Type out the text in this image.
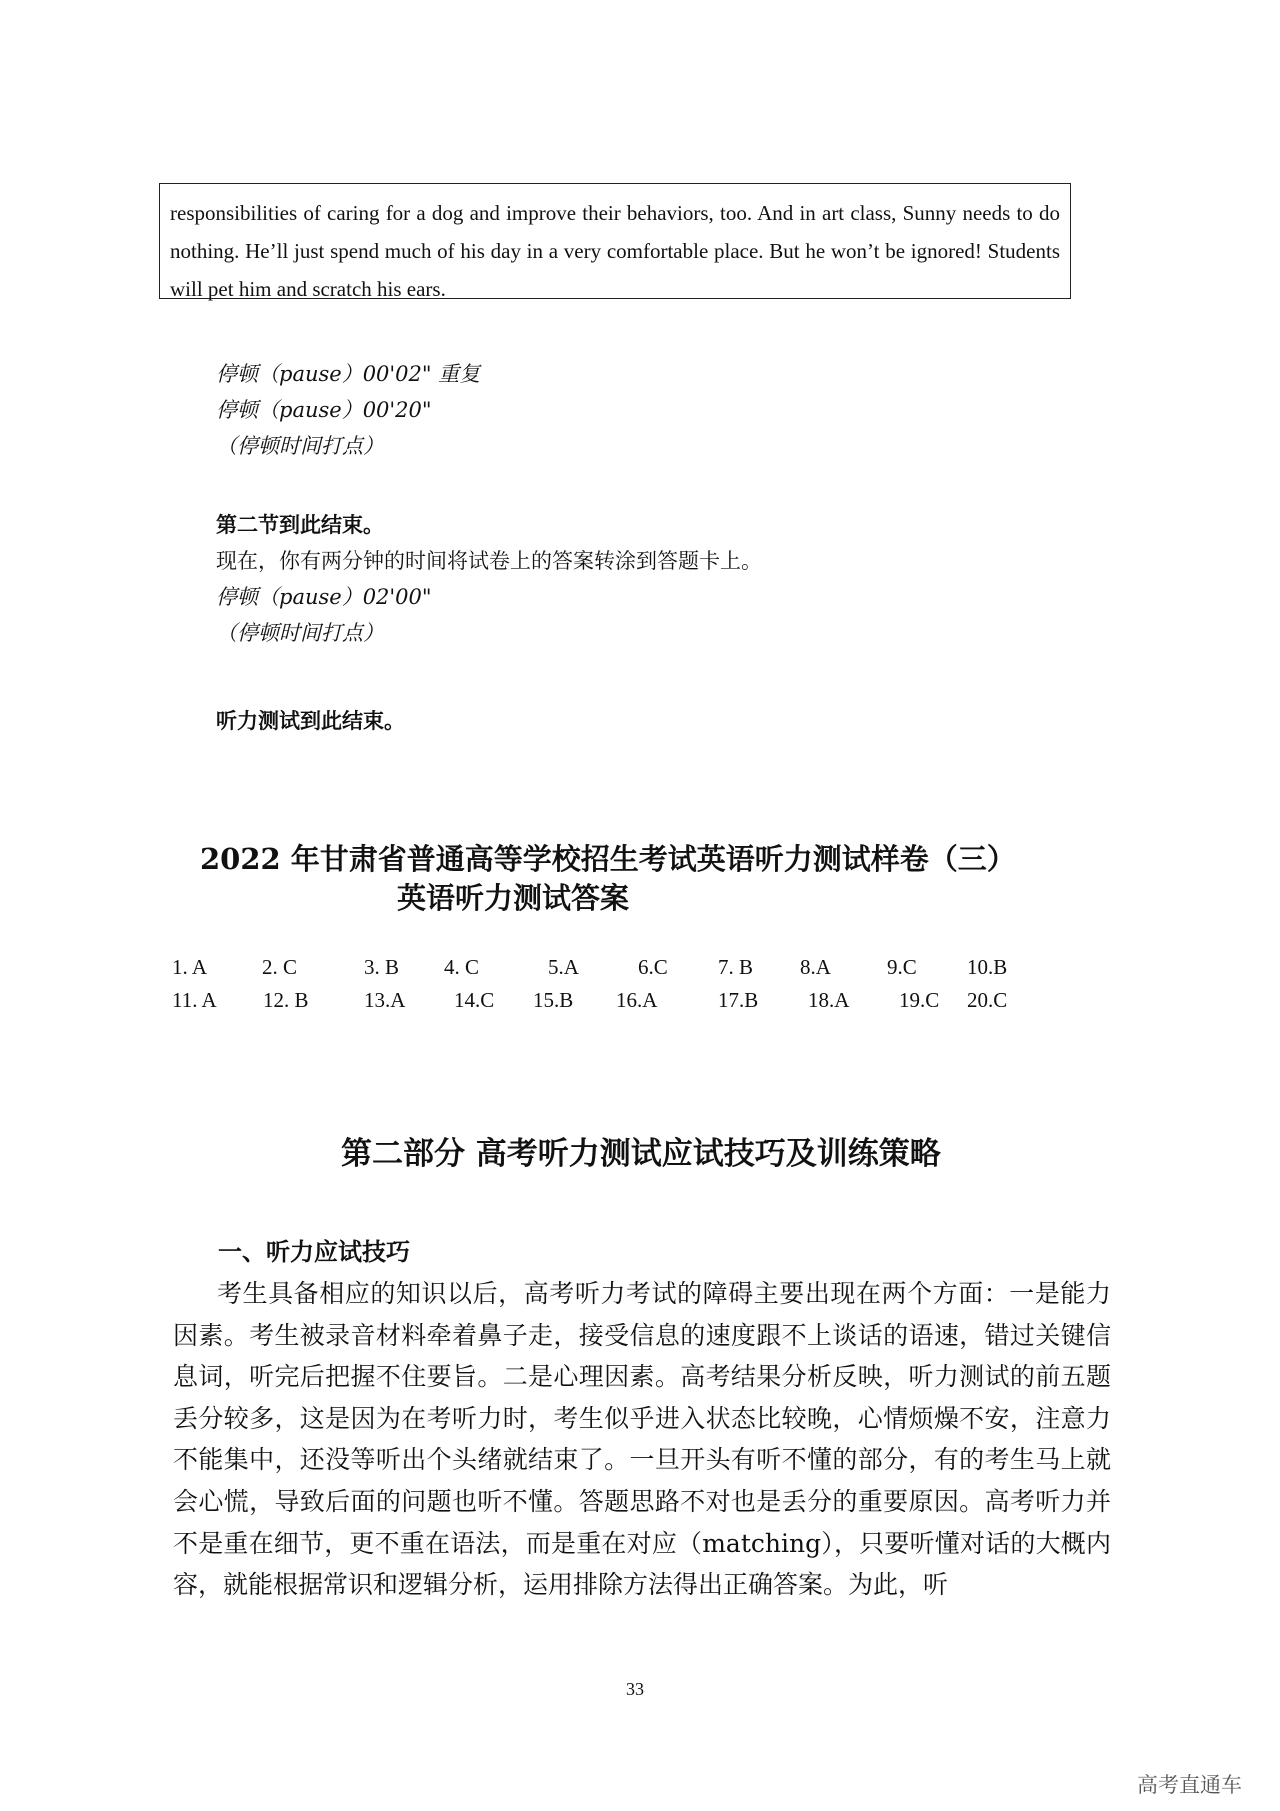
responsibilities of caring for a dog and improve their behaviors, too. And in art class, Sunny needs to do nothing. He’ll just spend much of his day in a very comfortable place. But he won’t be ignored! Students will pet him and scratch his ears.
停顿（pause）00'02" 重复
停顿（pause）00'20"
（停顿时间打点）
第二节到此结束。
现在，你有两分钟的时间将试卷上的答案转涂到答题卡上。
停顿（pause）02'00"
（停顿时间打点）
听力测试到此结束。
2022 年甘肃省普通高等学校招生考试英语听力测试样卷（三）
英语听力测试答案
1. A	2. C	3. B 4. C	5.A	6.C 7. B 8.A	9.C 10.B
11. A 12. B	13.A 14.C 15.B 16.A	17.B 18.A 19.C 20.C
第二部分 高考听力测试应试技巧及训练策略
一、听力应试技巧

考生具备相应的知识以后，高考听力考试的障碍主要出现在两个方面：一是能力因素。考生被录音材料牵着鼻子走，接受信息的速度跟不上谈话的语速，错过关键信息词，听完后把握不住要旨。二是心理因素。高考结果分析反映，听力测试的前五题丢分较多，这是因为在考听力时，考生似乎进入状态比较晚，心情烦燥不安，注意力不能集中，还没等听出个头绪就结束了。一旦开头有听不懂的部分，有的考生马上就会心慌，导致后面的问题也听不懂。答题思路不对也是丢分的重要原因。高考听力并不是重在细节，更不重在语法，而是重在对应（matching），只要听懂对话的大概内容，就能根据常识和逻辑分析，运用排除方法得出正确答案。为此，听

33
高考直通车
